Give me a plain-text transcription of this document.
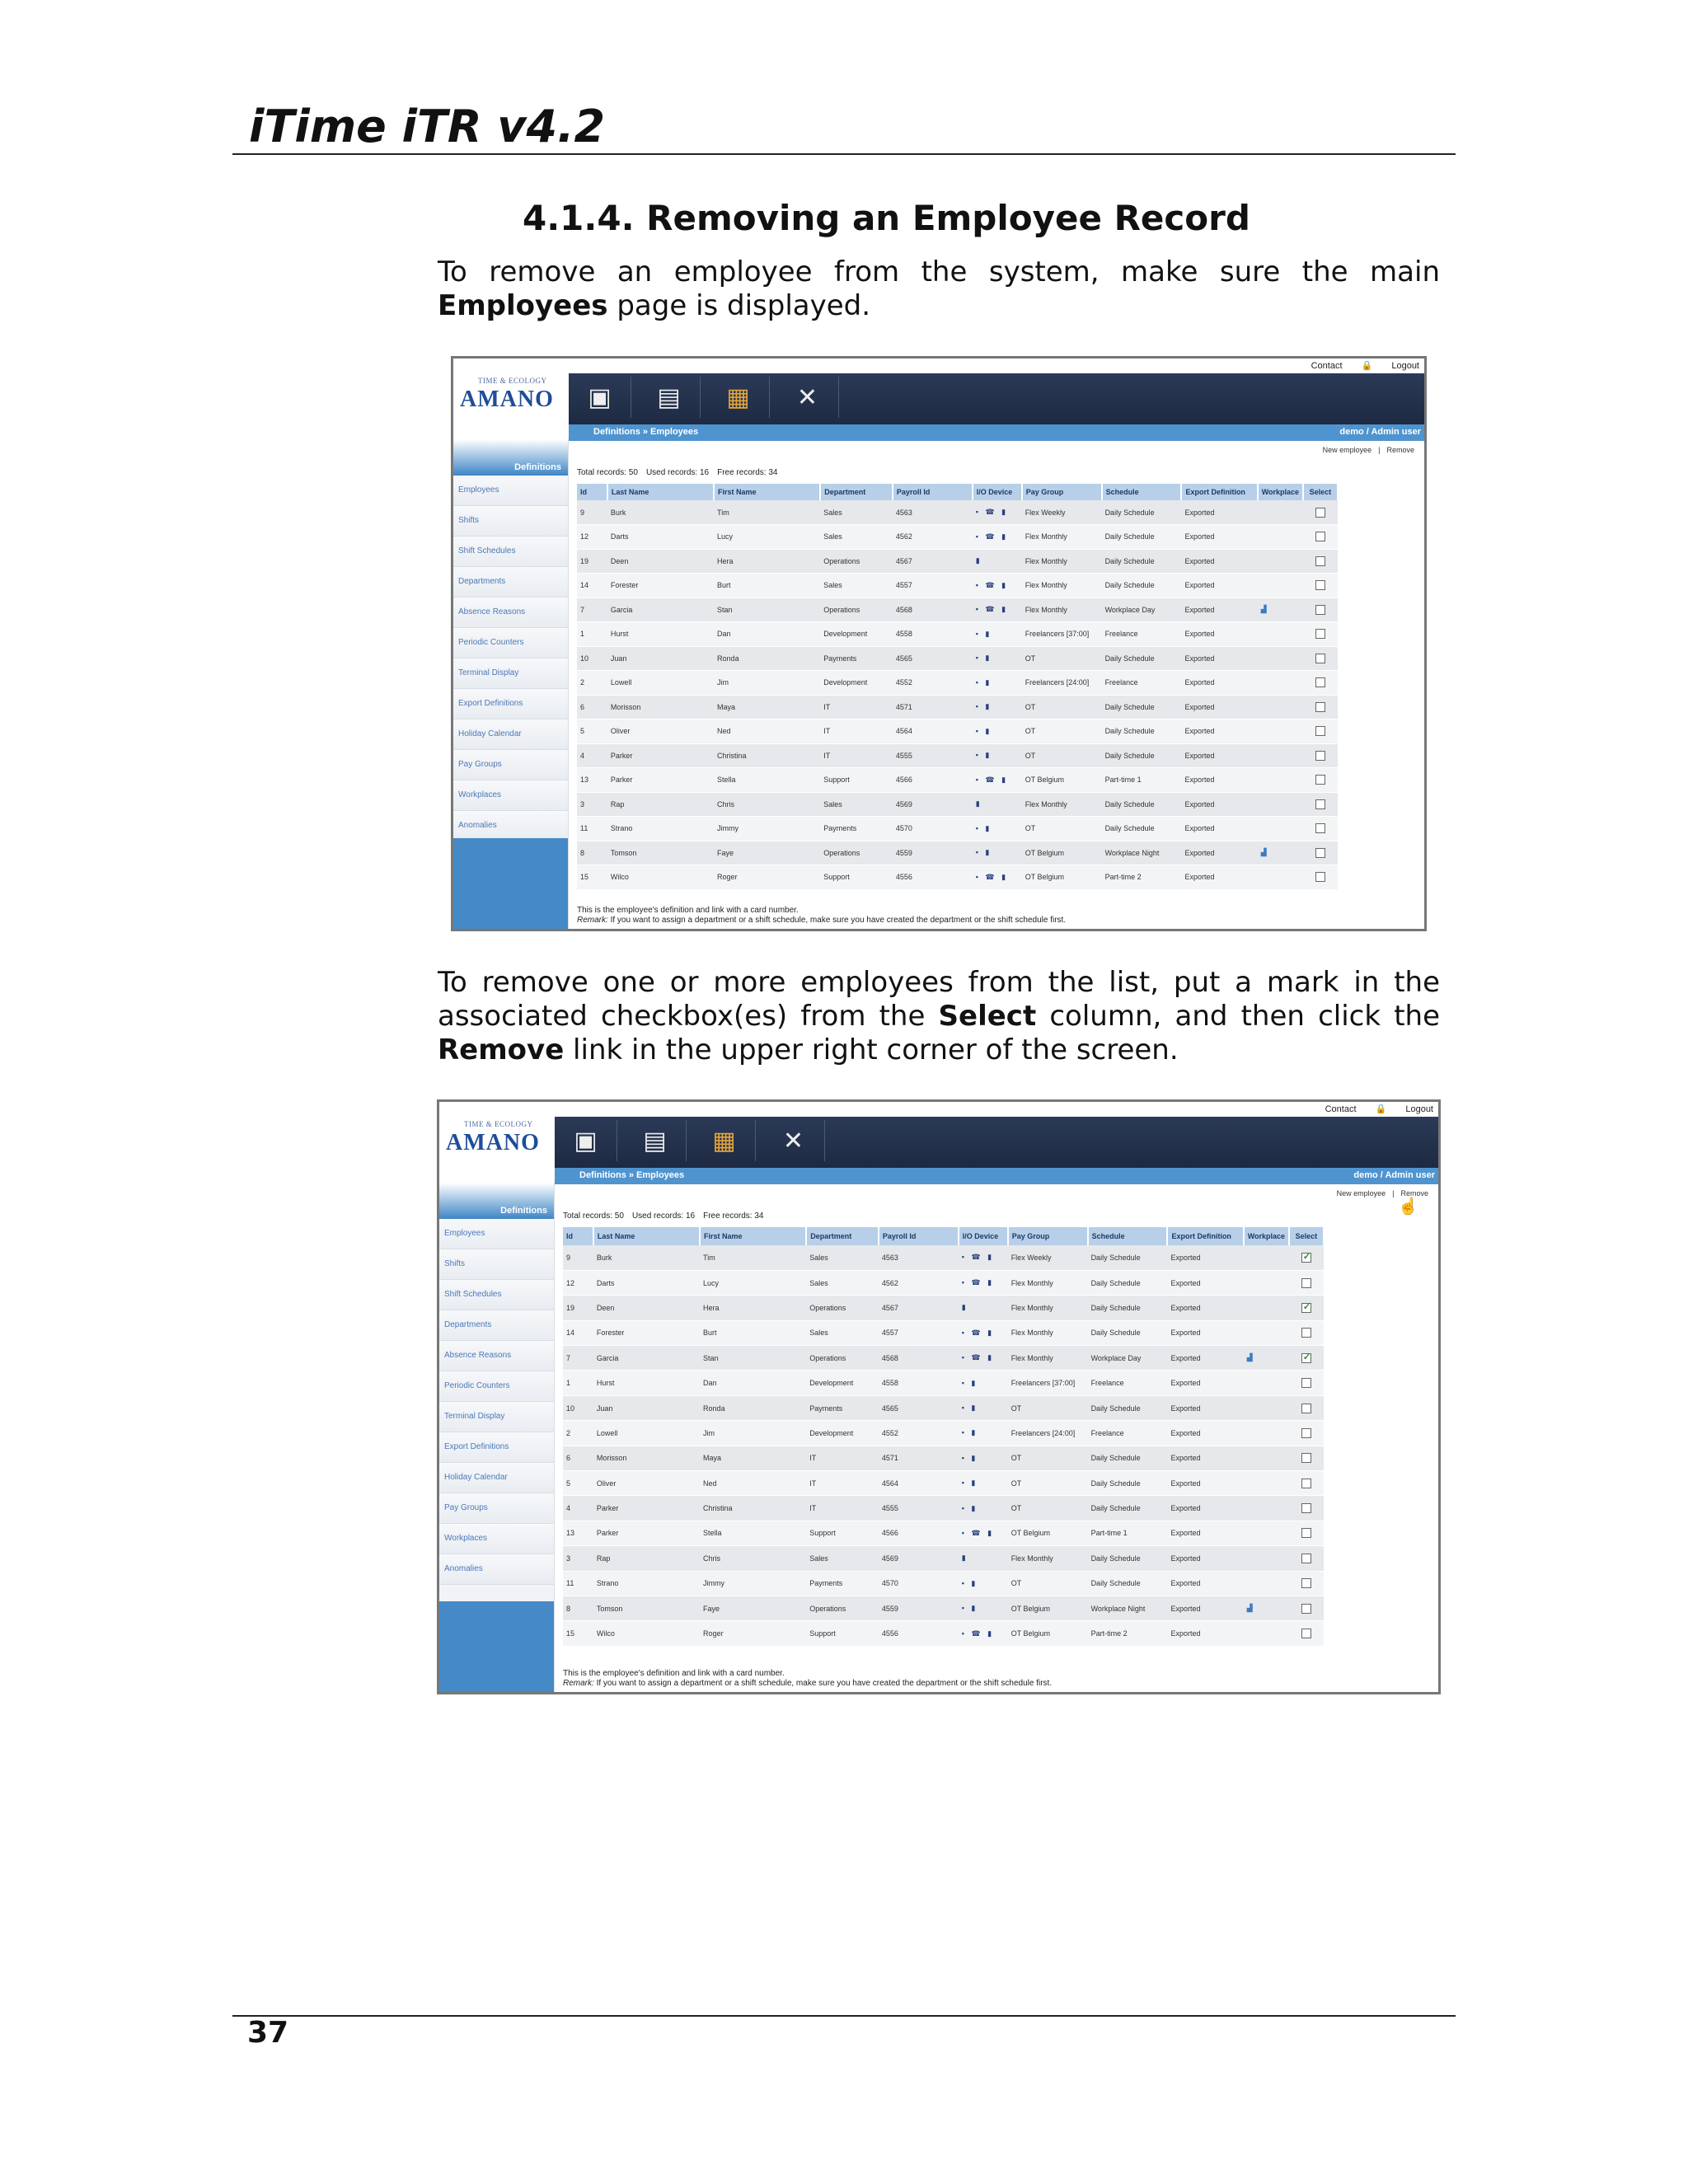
iTime iTR v4.2
4.1.4. Removing an Employee Record

To remove an employee from the system, make sure the main Employees page is displayed.

To remove one or more employees from the list, put a mark in the associated checkbox(es) from the Select column, and then click the Remove link in the upper right corner of the screen.

37
TIME & ECOLOGY
AMANO
Contact 🔒 Logout
▣	▤	▦	✕
Definitions » Employees	demo / Admin user
Definitions
Employees
Shifts
Shift Schedules
Departments
Absence Reasons
Periodic Counters
Terminal Display
Export Definitions
Holiday Calendar
Pay Groups
Workplaces
Anomalies
New employee | Remove
Total records: 50 Used records: 16 Free records: 34
Id	Last Name	First Name	Department	Payroll Id	I/O Device	Pay Group	Schedule	Export Definition	Workplace	Select
9	Burk	Tim	Sales	4563	▪ ☎ ▮	Flex Weekly	Daily Schedule	Exported		
12	Darts	Lucy	Sales	4562	▪ ☎ ▮	Flex Monthly	Daily Schedule	Exported		
19	Deen	Hera	Operations	4567	▮	Flex Monthly	Daily Schedule	Exported		
14	Forester	Burt	Sales	4557	▪ ☎ ▮	Flex Monthly	Daily Schedule	Exported		
7	Garcia	Stan	Operations	4568	▪ ☎ ▮	Flex Monthly	Workplace Day	Exported	▟	
1	Hurst	Dan	Development	4558	▪ ▮	Freelancers [37:00]	Freelance	Exported		
10	Juan	Ronda	Payments	4565	▪ ▮	OT	Daily Schedule	Exported		
2	Lowell	Jim	Development	4552	▪ ▮	Freelancers [24:00]	Freelance	Exported		
6	Morisson	Maya	IT	4571	▪ ▮	OT	Daily Schedule	Exported		
5	Oliver	Ned	IT	4564	▪ ▮	OT	Daily Schedule	Exported		
4	Parker	Christina	IT	4555	▪ ▮	OT	Daily Schedule	Exported		
13	Parker	Stella	Support	4566	▪ ☎ ▮	OT Belgium	Part-time 1	Exported		
3	Rap	Chris	Sales	4569	▮	Flex Monthly	Daily Schedule	Exported		
11	Strano	Jimmy	Payments	4570	▪ ▮	OT	Daily Schedule	Exported		
8	Tomson	Faye	Operations	4559	▪ ▮	OT Belgium	Workplace Night	Exported	▟	
15	Wilco	Roger	Support	4556	▪ ☎ ▮	OT Belgium	Part-time 2	Exported		
This is the employee's definition and link with a card number.
Remark: If you want to assign a department or a shift schedule, make sure you have created the department or the shift schedule first.
TIME & ECOLOGY
AMANO
Contact 🔒 Logout
▣	▤	▦	✕
Definitions » Employees	demo / Admin user
Definitions
Employees
Shifts
Shift Schedules
Departments
Absence Reasons
Periodic Counters
Terminal Display
Export Definitions
Holiday Calendar
Pay Groups
Workplaces
Anomalies
New employee | Remove
Total records: 50 Used records: 16 Free records: 34
Id	Last Name	First Name	Department	Payroll Id	I/O Device	Pay Group	Schedule	Export Definition	Workplace	Select
9	Burk	Tim	Sales	4563	▪ ☎ ▮	Flex Weekly	Daily Schedule	Exported		✓
12	Darts	Lucy	Sales	4562	▪ ☎ ▮	Flex Monthly	Daily Schedule	Exported		
19	Deen	Hera	Operations	4567	▮	Flex Monthly	Daily Schedule	Exported		✓
14	Forester	Burt	Sales	4557	▪ ☎ ▮	Flex Monthly	Daily Schedule	Exported		
7	Garcia	Stan	Operations	4568	▪ ☎ ▮	Flex Monthly	Workplace Day	Exported	▟	✓
1	Hurst	Dan	Development	4558	▪ ▮	Freelancers [37:00]	Freelance	Exported		
10	Juan	Ronda	Payments	4565	▪ ▮	OT	Daily Schedule	Exported		
2	Lowell	Jim	Development	4552	▪ ▮	Freelancers [24:00]	Freelance	Exported		
6	Morisson	Maya	IT	4571	▪ ▮	OT	Daily Schedule	Exported		
5	Oliver	Ned	IT	4564	▪ ▮	OT	Daily Schedule	Exported		
4	Parker	Christina	IT	4555	▪ ▮	OT	Daily Schedule	Exported		
13	Parker	Stella	Support	4566	▪ ☎ ▮	OT Belgium	Part-time 1	Exported		
3	Rap	Chris	Sales	4569	▮	Flex Monthly	Daily Schedule	Exported		
11	Strano	Jimmy	Payments	4570	▪ ▮	OT	Daily Schedule	Exported		
8	Tomson	Faye	Operations	4559	▪ ▮	OT Belgium	Workplace Night	Exported	▟	
15	Wilco	Roger	Support	4556	▪ ☎ ▮	OT Belgium	Part-time 2	Exported		
This is the employee's definition and link with a card number.
Remark: If you want to assign a department or a shift schedule, make sure you have created the department or the shift schedule first.
☝
